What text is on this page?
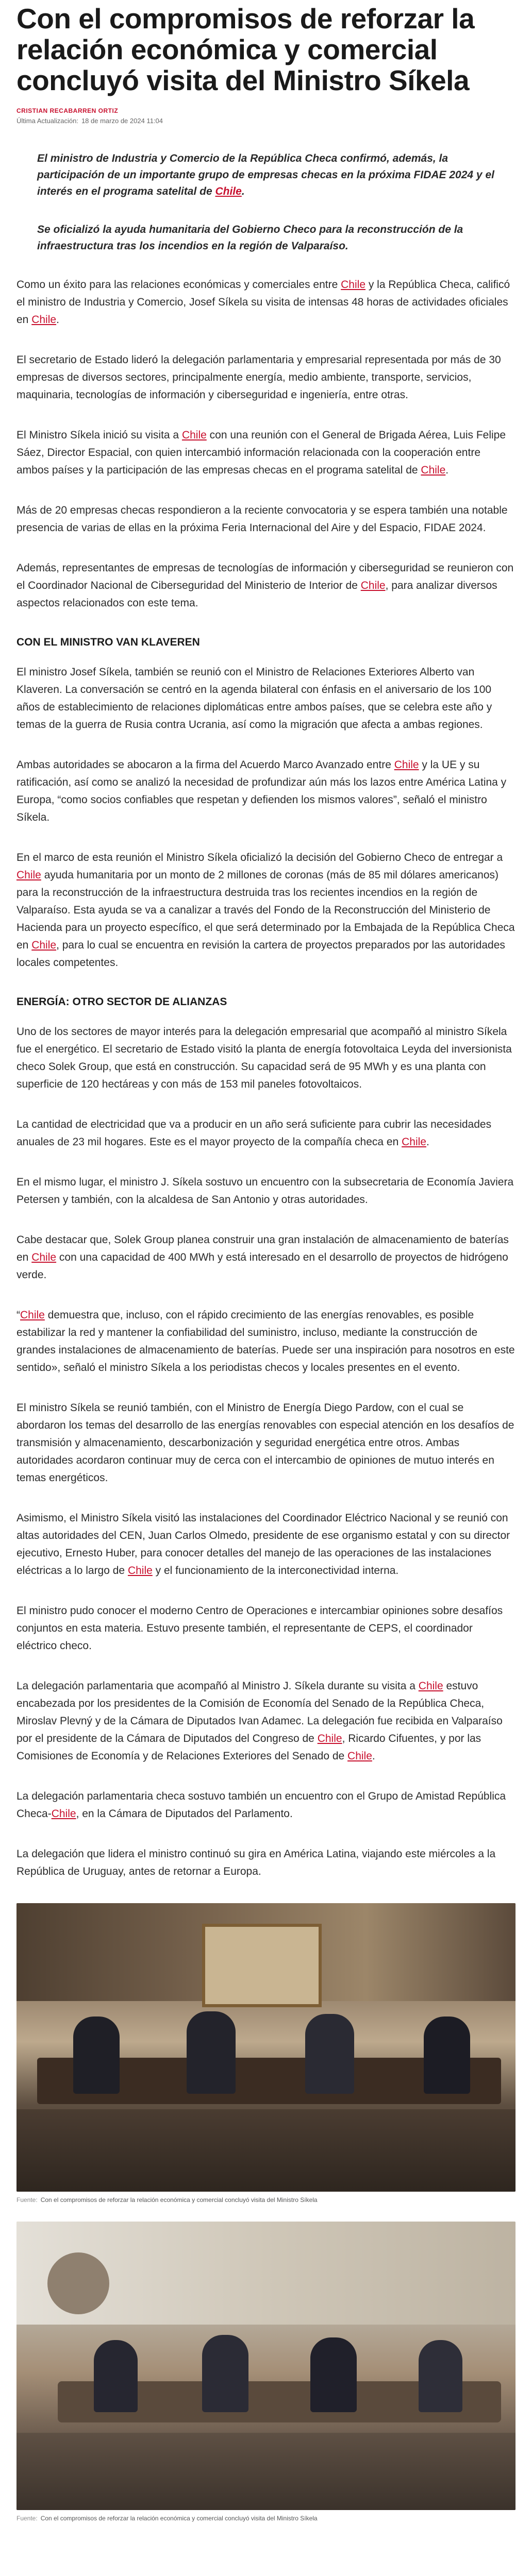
Con el compromisos de reforzar la relación económica y comercial concluyó visita del Ministro Síkela
CRISTIAN RECABARREN ORTIZ
Última Actualización: 18 de marzo de 2024 11:04

El ministro de Industria y Comercio de la República Checa confirmó, además, la participación de un importante grupo de empresas checas en la próxima FIDAE 2024 y el interés en el programa satelital de Chile.

Se oficializó la ayuda humanitaria del Gobierno Checo para la reconstrucción de la infraestructura tras los incendios en la región de Valparaíso.

Como un éxito para las relaciones económicas y comerciales entre Chile y la República Checa, calificó el ministro de Industria y Comercio, Josef Síkela su visita de intensas 48 horas de actividades oficiales en Chile.

El secretario de Estado lideró la delegación parlamentaria y empresarial representada por más de 30 empresas de diversos sectores, principalmente energía, medio ambiente, transporte, servicios, maquinaria, tecnologías de información y ciberseguridad e ingeniería, entre otras.

El Ministro Síkela inició su visita a Chile con una reunión con el General de Brigada Aérea, Luis Felipe Sáez, Director Espacial, con quien intercambió información relacionada con la cooperación entre ambos países y la participación de las empresas checas en el programa satelital de Chile.

Más de 20 empresas checas respondieron a la reciente convocatoria y se espera también una notable presencia de varias de ellas en la próxima Feria Internacional del Aire y del Espacio, FIDAE 2024.

Además, representantes de empresas de tecnologías de información y ciberseguridad se reunieron con el Coordinador Nacional de Ciberseguridad del Ministerio de Interior de Chile, para analizar diversos aspectos relacionados con este tema.

CON EL MINISTRO VAN KLAVEREN

El ministro Josef Síkela, también se reunió con el Ministro de Relaciones Exteriores Alberto van Klaveren. La conversación se centró en la agenda bilateral con énfasis en el aniversario de los 100 años de establecimiento de relaciones diplomáticas entre ambos países, que se celebra este año y temas de la guerra de Rusia contra Ucrania, así como la migración que afecta a ambas regiones.

Ambas autoridades se abocaron a la firma del Acuerdo Marco Avanzado entre Chile y la UE y su ratificación, así como se analizó la necesidad de profundizar aún más los lazos entre América Latina y Europa, “como socios confiables que respetan y defienden los mismos valores”, señaló el ministro Síkela.

En el marco de esta reunión el Ministro Síkela oficializó la decisión del Gobierno Checo de entregar a Chile ayuda humanitaria por un monto de 2 millones de coronas (más de 85 mil dólares americanos) para la reconstrucción de la infraestructura destruida tras los recientes incendios en la región de Valparaíso. Esta ayuda se va a canalizar a través del Fondo de la Reconstrucción del Ministerio de Hacienda para un proyecto específico, el que será determinado por la Embajada de la República Checa en Chile, para lo cual se encuentra en revisión la cartera de proyectos preparados por las autoridades locales competentes.

ENERGÍA: OTRO SECTOR DE ALIANZAS

Uno de los sectores de mayor interés para la delegación empresarial que acompañó al ministro Síkela fue el energético. El secretario de Estado visitó la planta de energía fotovoltaica Leyda del inversionista checo Solek Group, que está en construcción. Su capacidad será de 95 MWh y es una planta con superficie de 120 hectáreas y con más de 153 mil paneles fotovoltaicos.

La cantidad de electricidad que va a producir en un año será suficiente para cubrir las necesidades anuales de 23 mil hogares. Este es el mayor proyecto de la compañía checa en Chile.

En el mismo lugar, el ministro J. Síkela sostuvo un encuentro con la subsecretaria de Economía Javiera Petersen y también, con la alcaldesa de San Antonio y otras autoridades.

Cabe destacar que, Solek Group planea construir una gran instalación de almacenamiento de baterías en Chile con una capacidad de 400 MWh y está interesado en el desarrollo de proyectos de hidrógeno verde.

“Chile demuestra que, incluso, con el rápido crecimiento de las energías renovables, es posible estabilizar la red y mantener la confiabilidad del suministro, incluso, mediante la construcción de grandes instalaciones de almacenamiento de baterías. Puede ser una inspiración para nosotros en este sentido», señaló el ministro Síkela a los periodistas checos y locales presentes en el evento.

El ministro Síkela se reunió también, con el Ministro de Energía Diego Pardow, con el cual se abordaron los temas del desarrollo de las energías renovables con especial atención en los desafíos de transmisión y almacenamiento, descarbonización y seguridad energética entre otros. Ambas autoridades acordaron continuar muy de cerca con el intercambio de opiniones de mutuo interés en temas energéticos.

Asimismo, el Ministro Síkela visitó las instalaciones del Coordinador Eléctrico Nacional y se reunió con altas autoridades del CEN, Juan Carlos Olmedo, presidente de ese organismo estatal y con su director ejecutivo, Ernesto Huber, para conocer detalles del manejo de las operaciones de las instalaciones eléctricas a lo largo de Chile y el funcionamiento de la interconectividad interna.

El ministro pudo conocer el moderno Centro de Operaciones e intercambiar opiniones sobre desafíos conjuntos en esta materia. Estuvo presente también, el representante de CEPS, el coordinador eléctrico checo.

La delegación parlamentaria que acompañó al Ministro J. Síkela durante su visita a Chile estuvo encabezada por los presidentes de la Comisión de Economía del Senado de la República Checa, Miroslav Plevný y de la Cámara de Diputados Ivan Adamec. La delegación fue recibida en Valparaíso por el presidente de la Cámara de Diputados del Congreso de Chile, Ricardo Cifuentes, y por las Comisiones de Economía y de Relaciones Exteriores del Senado de Chile.

La delegación parlamentaria checa sostuvo también un encuentro con el Grupo de Amistad República Checa-Chile, en la Cámara de Diputados del Parlamento.

La delegación que lidera el ministro continuó su gira en América Latina, viajando este miércoles a la República de Uruguay, antes de retornar a Europa.

Fuente: Con el compromisos de reforzar la relación económica y comercial concluyó visita del Ministro Síkela
Fuente: Con el compromisos de reforzar la relación económica y comercial concluyó visita del Ministro Síkela
